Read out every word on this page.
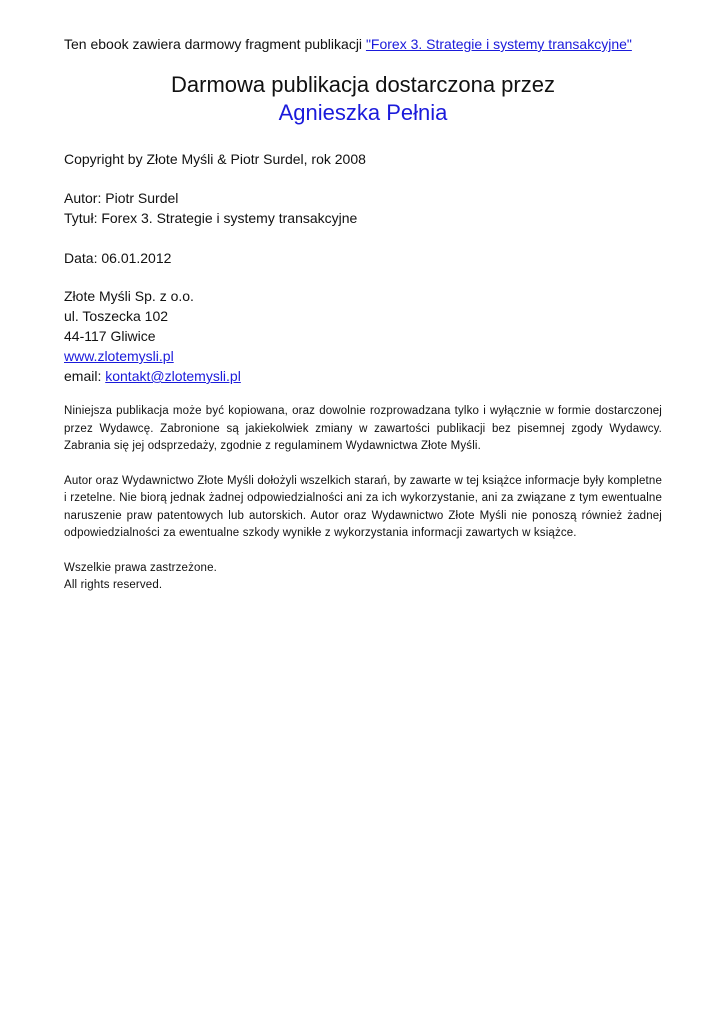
Ten ebook zawiera darmowy fragment publikacji "Forex 3. Strategie i systemy transakcyjne"

Darmowa publikacja dostarczona przez
Agnieszka Pełnia
Copyright by Złote Myśli & Piotr Surdel, rok 2008
Autor: Piotr Surdel
Tytuł: Forex 3. Strategie i systemy transakcyjne
Data: 06.01.2012
Złote Myśli Sp. z o.o.
ul. Toszecka 102
44-117 Gliwice
www.zlotemysli.pl
email: kontakt@zlotemysli.pl

Niniejsza publikacja może być kopiowana, oraz dowolnie rozprowadzana tylko i wyłącznie w formie dostarczonej przez Wydawcę. Zabronione są jakiekolwiek zmiany w zawartości publikacji bez pisemnej zgody Wydawcy. Zabrania się jej odsprzedaży, zgodnie z regulaminem Wydawnictwa Złote Myśli.

Autor oraz Wydawnictwo Złote Myśli dołożyli wszelkich starań, by zawarte w tej książce informacje były kompletne i rzetelne. Nie biorą jednak żadnej odpowiedzialności ani za ich wykorzystanie, ani za związane z tym ewentualne naruszenie praw patentowych lub autorskich. Autor oraz Wydawnictwo Złote Myśli nie ponoszą również żadnej odpowiedzialności za ewentualne szkody wynikłe z wykorzystania informacji zawartych w książce.

Wszelkie prawa zastrzeżone.
All rights reserved.
